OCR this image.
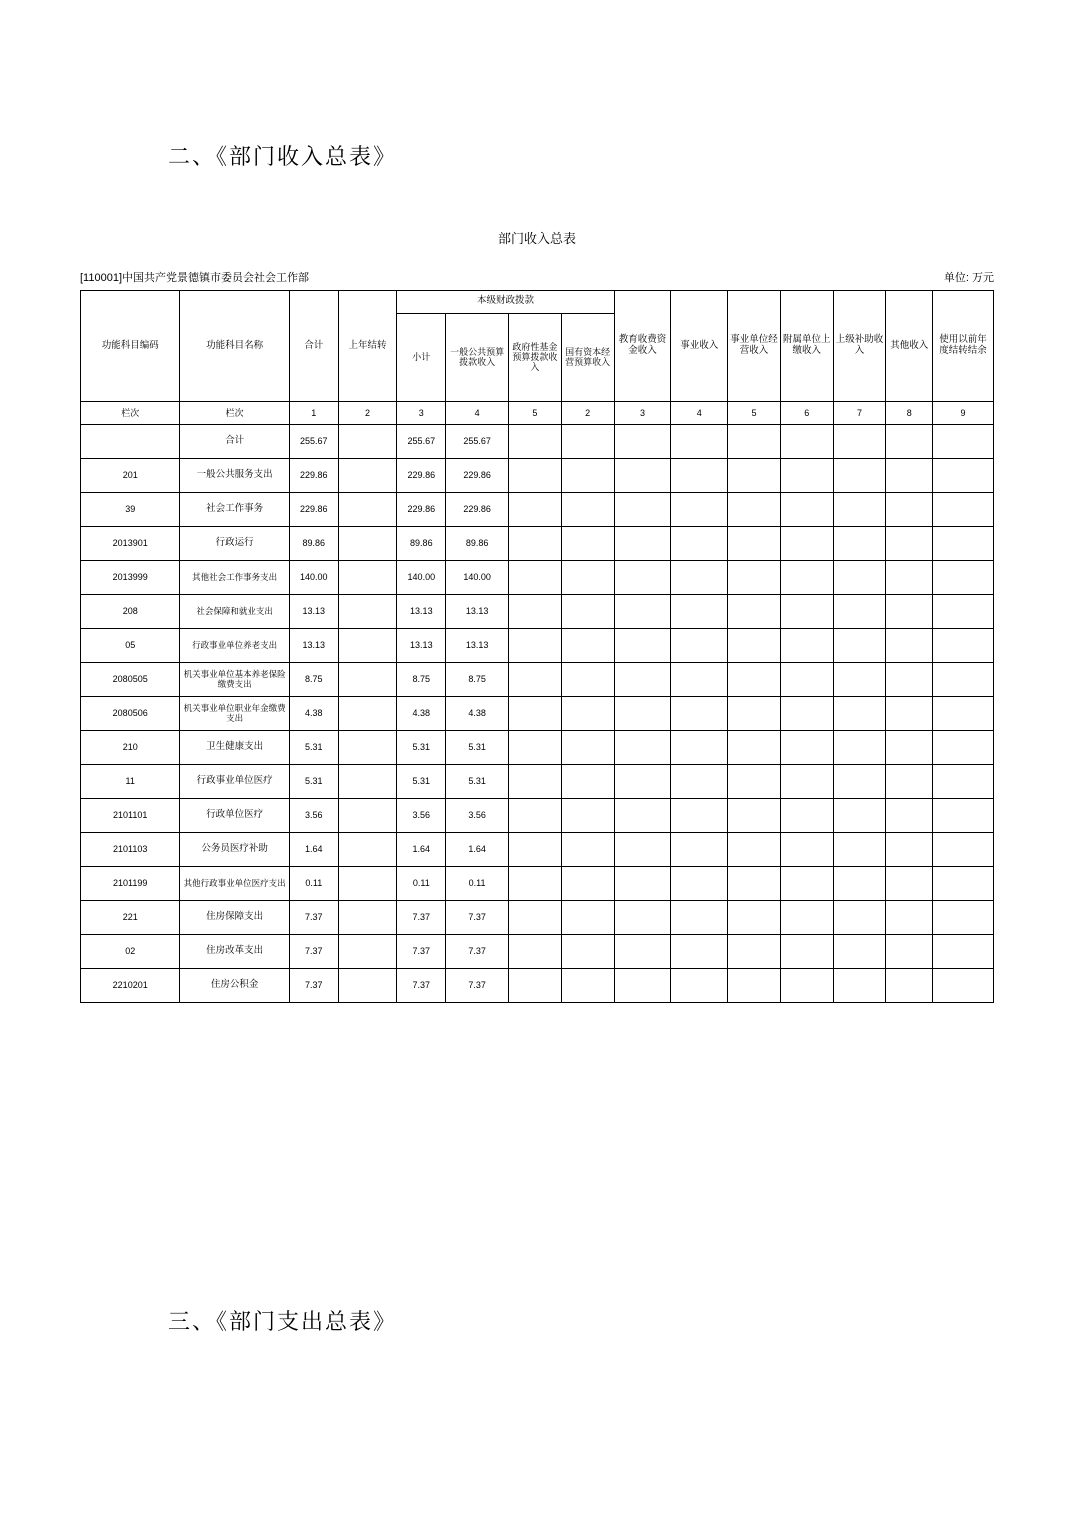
二、《部门收入总表》
部门收入总表
[110001]中国共产党景德镇市委员会社会工作部	单位: 万元
功能科目编码	功能科目名称	合计	上年结转	本级财政拨款				教育收费资金收入	事业收入	事业单位经营收入	附属单位上缴收入	上级补助收入	其他收入	使用以前年度结转结余
				小计	一般公共预算拨款收入	政府性基金预算拨款收入	国有资本经营预算收入							
栏次	栏次	1	2	3	4	5	2	3	4	5	6	7	8	9
	合计	255.67		255.67	255.67									
201	一般公共服务支出	229.86		229.86	229.86									
39	社会工作事务	229.86		229.86	229.86									
2013901	行政运行	89.86		89.86	89.86									
2013999	其他社会工作事务支出	140.00		140.00	140.00									
208	社会保障和就业支出	13.13		13.13	13.13									
05	行政事业单位养老支出	13.13		13.13	13.13									
2080505	机关事业单位基本养老保险缴费支出	8.75		8.75	8.75									
2080506	机关事业单位职业年金缴费支出	4.38		4.38	4.38									
210	卫生健康支出	5.31		5.31	5.31									
11	行政事业单位医疗	5.31		5.31	5.31									
2101101	行政单位医疗	3.56		3.56	3.56									
2101103	公务员医疗补助	1.64		1.64	1.64									
2101199	其他行政事业单位医疗支出	0.11		0.11	0.11									
221	住房保障支出	7.37		7.37	7.37									
02	住房改革支出	7.37		7.37	7.37									
2210201	住房公积金	7.37		7.37	7.37									
三、《部门支出总表》
